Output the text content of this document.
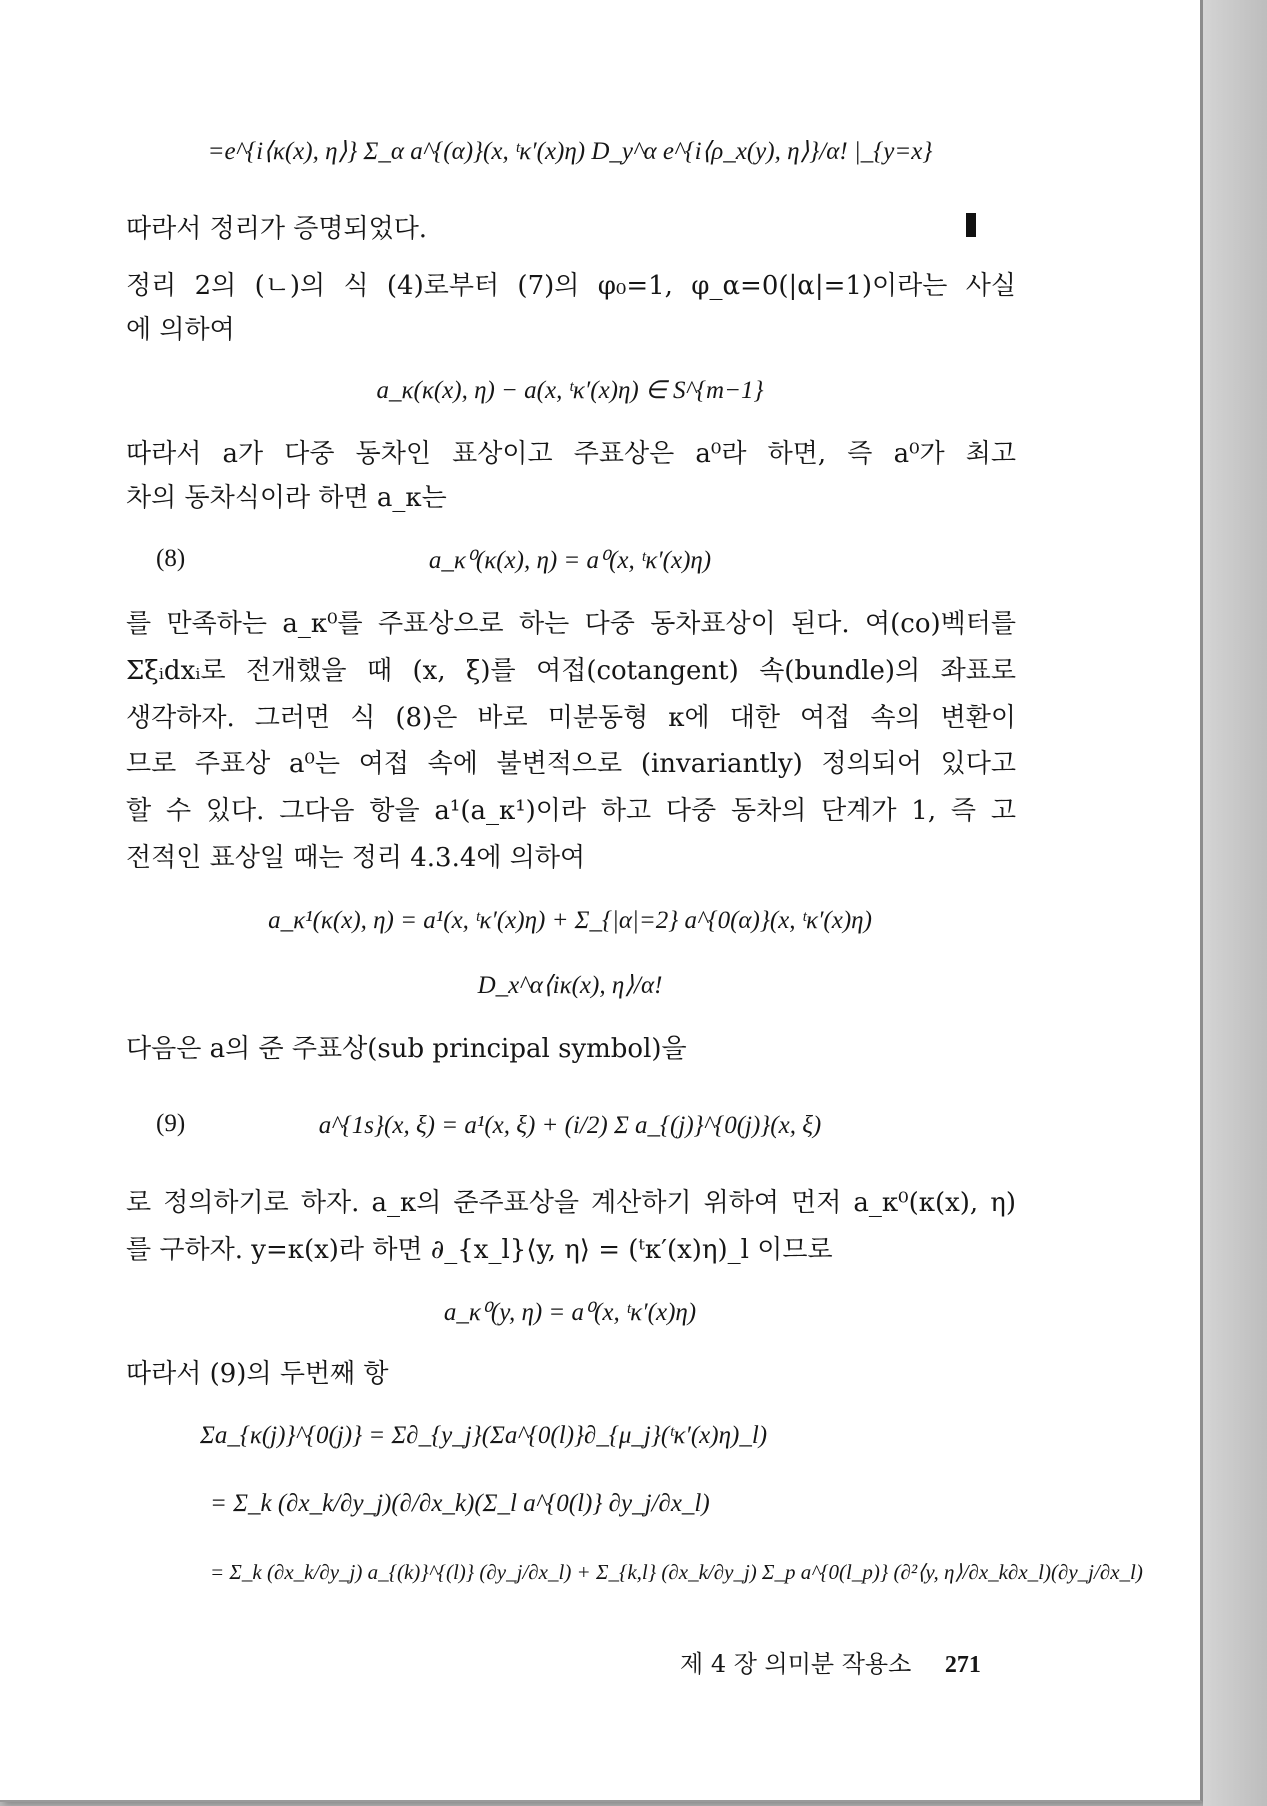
=e^{i⟨κ(x), η⟩} Σ_α a^{(α)}(x, ᵗκ′(x)η) D_y^α e^{i⟨ρ_x(y), η⟩}/α! |_{y=x}
따라서 정리가 증명되었다.
정리 2의 (ㄴ)의 식 (4)로부터 (7)의 φ₀=1, φ_α=0(|α|=1)이라는 사실
에 의하여
a_κ(κ(x), η) − a(x, ᵗκ′(x)η) ∈ S^{m−1}
따라서 a가 다중 동차인 표상이고 주표상은 a⁰라 하면, 즉 a⁰가 최고
차의 동차식이라 하면 a_κ는
(8)	a_κ⁰(κ(x), η) = a⁰(x, ᵗκ′(x)η)
를 만족하는 a_κ⁰를 주표상으로 하는 다중 동차표상이 된다. 여(co)벡터를
Σξᵢdxᵢ로 전개했을 때 (x, ξ)를 여접(cotangent) 속(bundle)의 좌표로
생각하자. 그러면 식 (8)은 바로 미분동형 κ에 대한 여접 속의 변환이
므로 주표상 a⁰는 여접 속에 불변적으로 (invariantly) 정의되어 있다고
할 수 있다. 그다음 항을 a¹(a_κ¹)이라 하고 다중 동차의 단계가 1, 즉 고
전적인 표상일 때는 정리 4.3.4에 의하여
a_κ¹(κ(x), η) = a¹(x, ᵗκ′(x)η) + Σ_{|α|=2} a^{0(α)}(x, ᵗκ′(x)η)
D_x^α⟨iκ(x), η⟩/α!
다음은 a의 준 주표상(sub principal symbol)을
(9)	a^{1s}(x, ξ) = a¹(x, ξ) + (i/2) Σ a_{(j)}^{0(j)}(x, ξ)
로 정의하기로 하자. a_κ의 준주표상을 계산하기 위하여 먼저 a_κ⁰(κ(x), η)
를 구하자. y=κ(x)라 하면 ∂_{x_l}⟨y, η⟩ = (ᵗκ′(x)η)_l 이므로
a_κ⁰(y, η) = a⁰(x, ᵗκ′(x)η)
따라서 (9)의 두번째 항
Σa_{κ(j)}^{0(j)} = Σ∂_{y_j}(Σa^{0(l)}∂_{μ_j}(ᵗκ′(x)η)_l)
= Σ_k (∂x_k/∂y_j)(∂/∂x_k)(Σ_l a^{0(l)} ∂y_j/∂x_l)
= Σ_k (∂x_k/∂y_j) a_{(k)}^{(l)} (∂y_j/∂x_l) + Σ_{k,l} (∂x_k/∂y_j) Σ_p a^{0(l_p)} (∂²⟨y, η⟩/∂x_k∂x_l)(∂y_j/∂x_l)
제 4 장 의미분 작용소 271
